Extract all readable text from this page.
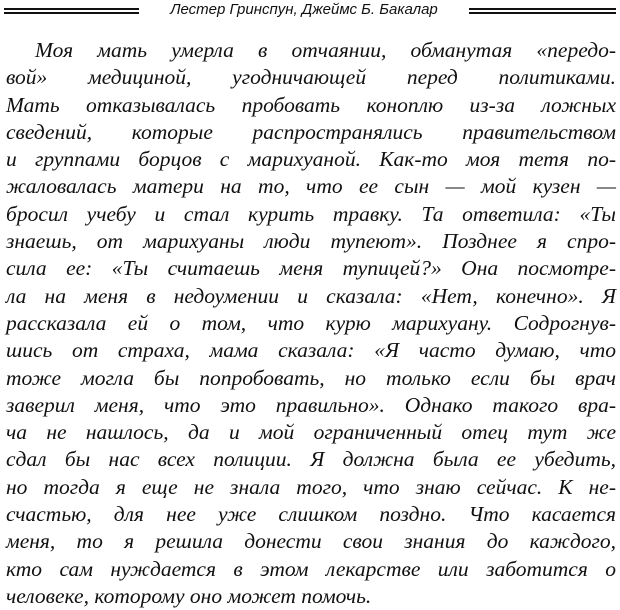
Лестер Гринспун, Джеймс Б. Бакалар
Моя мать умерла в отчаянии, обманутая «передо-
вой» медициной, угодничающей перед политиками.
Мать отказывалась пробовать коноплю из-за ложных
сведений, которые распространялись правительством
и группами борцов с марихуаной. Как-то моя тетя по-
жаловалась матери на то, что ее сын — мой кузен —
бросил учебу и стал курить травку. Та ответила: «Ты
знаешь, от марихуаны люди тупеют». Позднее я спро-
сила ее: «Ты считаешь меня тупицей?» Она посмотре-
ла на меня в недоумении и сказала: «Нет, конечно». Я
рассказала ей о том, что курю марихуану. Содрогнув-
шись от страха, мама сказала: «Я часто думаю, что
тоже могла бы попробовать, но только если бы врач
заверил меня, что это правильно». Однако такого вра-
ча не нашлось, да и мой ограниченный отец тут же
сдал бы нас всех полиции. Я должна была ее убедить,
но тогда я еще не знала того, что знаю сейчас. К не-
счастью, для нее уже слишком поздно. Что касается
меня, то я решила донести свои знания до каждого,
кто сам нуждается в этом лекарстве или заботится о
человеке, которому оно может помочь.
